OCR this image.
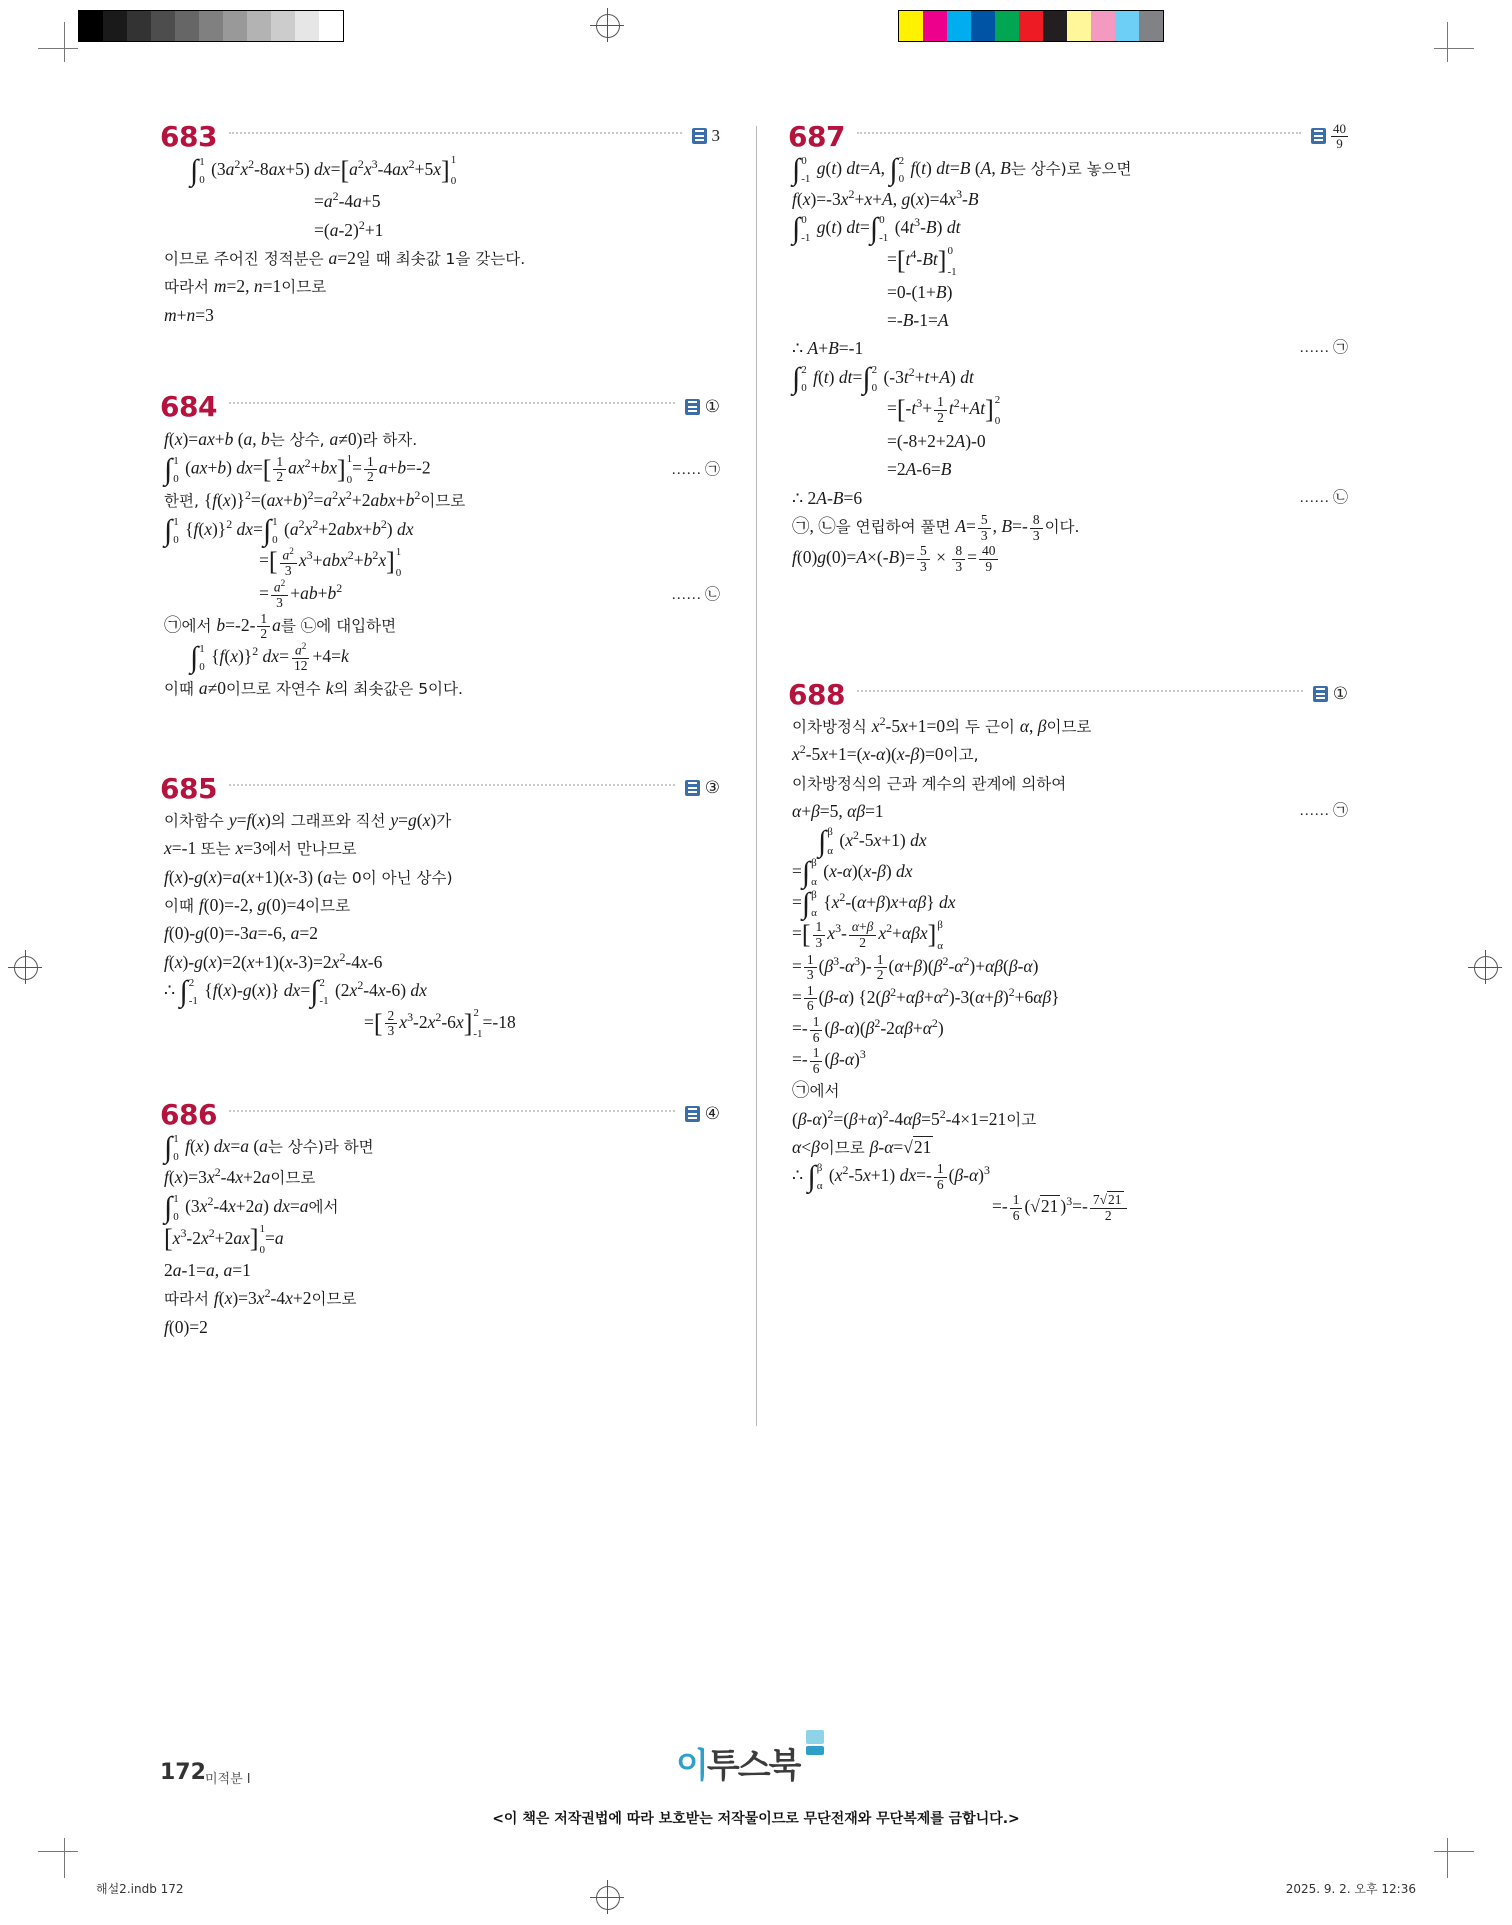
683	3
∫ 1
0
$(3a^2x^2-8ax+5)$ dx= [ $a^2x^3-4ax^2+5x$ ] 1
0
$=a^2-4a+5$
$=(a-2)^2+1$
이므로 주어진 정적분은 a=2일 때 최솟값 1을 갖는다.
따라서 m=2, n=1이므로
m+n=3
684	①
f(x)=ax+b (a, b는 상수, a≠0)라 하자.
∫ 1
0
(ax+b) dx= [ $\frac{1}{2} ax^2+bx$ ] 1
0
= $\frac{1}{2} a+b=-2$	…… ㉠
한편, $\{f(x)\}^2=(ax+b)^2=a^2x^2+2abx+b^2$이므로
∫ 1
0
$\{f(x)\}^2$ dx= ∫ 1
0
$(a^2x^2+2abx+b^2)$ dx
= [ $\frac{a^2}{3} x^3+abx^2+b^2x$ ] 1
0
= $\frac{a^2}{3} +ab+b^2$	…… ㉡
㉠에서 $b=-2- \frac{1}{2}$ a를 ㉡에 대입하면
∫ 1
0
$\{f(x)\}^2$ $dx= \frac{a^2}{12} +4=k$
이때 a≠0이므로 자연수 k의 최솟값은 5이다.
685	③
이차함수 y=f(x)의 그래프와 직선 y=g(x)가
x=-1 또는 x=3에서 만나므로
f(x)-g(x)=a(x+1)(x-3) (a는 0이 아닌 상수)
이때 f(0)=-2, g(0)=4이므로
f(0)-g(0)=-3a=-6, a=2
$f(x)-g(x)=2(x+1)(x-3)=2x^2-4x-6$
∴ ∫ 2
-1
{f(x)-g(x)} dx= ∫ 2
-1
$(2x^2-4x-6)$ dx
= [ $\frac{2}{3} x^3-2x^2-6x$ ] 2
-1
=-18
686	④
∫ 1
0
f(x) dx=a (a는 상수)라 하면
$f(x)=3x^2-4x+2a$이므로
∫ 1
0
$(3x^2-4x+2a)$ dx=a에서
[ $x^3-2x^2+2ax$ ] 1
0
=a
2a-1=a, a=1
따라서 $f(x)=3x^2-4x+2$이므로
f(0)=2
687	$\frac{40}{9}$
∫ 0
-1
g(t) dt=A, ∫ 2
0
f(t) dt=B (A, B는 상수)로 놓으면
$f(x)=-3x^2+x+A$, $g(x)=4x^3-B$
∫ 0
-1
g(t) dt= ∫ 0
-1
$(4t^3-B)$ dt
= [ $t^4-Bt$ ] 0
-1
=0-(1+B)
=-B-1=A
∴ A+B=-1	…… ㉠
∫ 2
0
f(t) dt= ∫ 2
0
$(-3t^2+t+A)$ dt
= [ $-t^3+ \frac{1}{2} t^2+At$ ] 2
0
=(-8+2+2A)-0
=2A-6=B
∴ 2A-B=6	…… ㉡
㉠, ㉡을 연립하여 풀면 $A= \frac{5}{3}$ , $B=- \frac{8}{3}$ 이다.
$f(0)g(0)=A\times(-B)= \frac{5}{3} \times \frac{8}{3} = \frac{40}{9}$
688	①
이차방정식 $x^2-5x+1=0$의 두 근이 α, β이므로
$x^2-5x+1=(x-\alpha)(x-\beta)=0$이고,
이차방정식의 근과 계수의 관계에 의하여
α+β=5, αβ=1	…… ㉠
∫ β
α
$(x^2-5x+1)$ dx
= ∫ β
α
(x-α)(x-β) dx
= ∫ β
α
$\{x^2-(\alpha+\beta)x+\alpha\beta\}$ dx
= [ $\frac{1}{3} x^3- \frac{\alpha+\beta}{2} x^2+\alpha\beta x$ ] β
α
= $\frac{1}{3} (\beta^3-\alpha^3)- \frac{1}{2} (\alpha+\beta)(\beta^2-\alpha^2)+\alpha\beta(\beta-\alpha)$
= $\frac{1}{6} (\beta-\alpha)$ $\{2(\beta^2+\alpha\beta+\alpha^2)-3(\alpha+\beta)^2+6\alpha\beta\}$
=- $\frac{1}{6} (\beta-\alpha)(\beta^2-2\alpha\beta+\alpha^2)$
=- $\frac{1}{6} (\beta-\alpha)^3$
㉠에서
$(\beta-\alpha)^2=(\beta+\alpha)^2-4\alpha\beta=5^2-4\times 1=21$이고
α<β이므로 β-α=√21
∴ ∫ β
α
$(x^2-5x+1)$ $dx=- \frac{1}{6} (\beta-\alpha)^3$
=- $\frac{1}{6} (√21$ )$^3=- \frac{7√21}{2}$
172 미적분 I	이투스북
<이 책은 저작권법에 따라 보호받는 저작물이므로 무단전재와 무단복제를 금합니다.>
해설2.indb 172	2025. 9. 2. 오후 12:36
